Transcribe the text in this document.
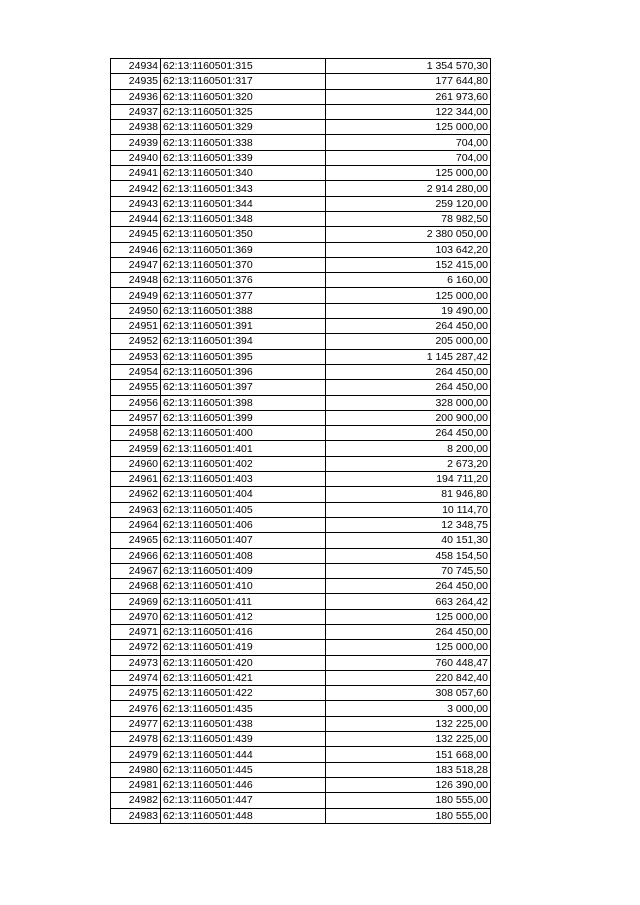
24934	62:13:1160501:315	1 354 570,30
24935	62:13:1160501:317	177 644,80
24936	62:13:1160501:320	261 973,60
24937	62:13:1160501:325	122 344,00
24938	62:13:1160501:329	125 000,00
24939	62:13:1160501:338	704,00
24940	62:13:1160501:339	704,00
24941	62:13:1160501:340	125 000,00
24942	62:13:1160501:343	2 914 280,00
24943	62:13:1160501:344	259 120,00
24944	62:13:1160501:348	78 982,50
24945	62:13:1160501:350	2 380 050,00
24946	62:13:1160501:369	103 642,20
24947	62:13:1160501:370	152 415,00
24948	62:13:1160501:376	6 160,00
24949	62:13:1160501:377	125 000,00
24950	62:13:1160501:388	19 490,00
24951	62:13:1160501:391	264 450,00
24952	62:13:1160501:394	205 000,00
24953	62:13:1160501:395	1 145 287,42
24954	62:13:1160501:396	264 450,00
24955	62:13:1160501:397	264 450,00
24956	62:13:1160501:398	328 000,00
24957	62:13:1160501:399	200 900,00
24958	62:13:1160501:400	264 450,00
24959	62:13:1160501:401	8 200,00
24960	62:13:1160501:402	2 673,20
24961	62:13:1160501:403	194 711,20
24962	62:13:1160501:404	81 946,80
24963	62:13:1160501:405	10 114,70
24964	62:13:1160501:406	12 348,75
24965	62:13:1160501:407	40 151,30
24966	62:13:1160501:408	458 154,50
24967	62:13:1160501:409	70 745,50
24968	62:13:1160501:410	264 450,00
24969	62:13:1160501:411	663 264,42
24970	62:13:1160501:412	125 000,00
24971	62:13:1160501:416	264 450,00
24972	62:13:1160501:419	125 000,00
24973	62:13:1160501:420	760 448,47
24974	62:13:1160501:421	220 842,40
24975	62:13:1160501:422	308 057,60
24976	62:13:1160501:435	3 000,00
24977	62:13:1160501:438	132 225,00
24978	62:13:1160501:439	132 225,00
24979	62:13:1160501:444	151 668,00
24980	62:13:1160501:445	183 518,28
24981	62:13:1160501:446	126 390,00
24982	62:13:1160501:447	180 555,00
24983	62:13:1160501:448	180 555,00
